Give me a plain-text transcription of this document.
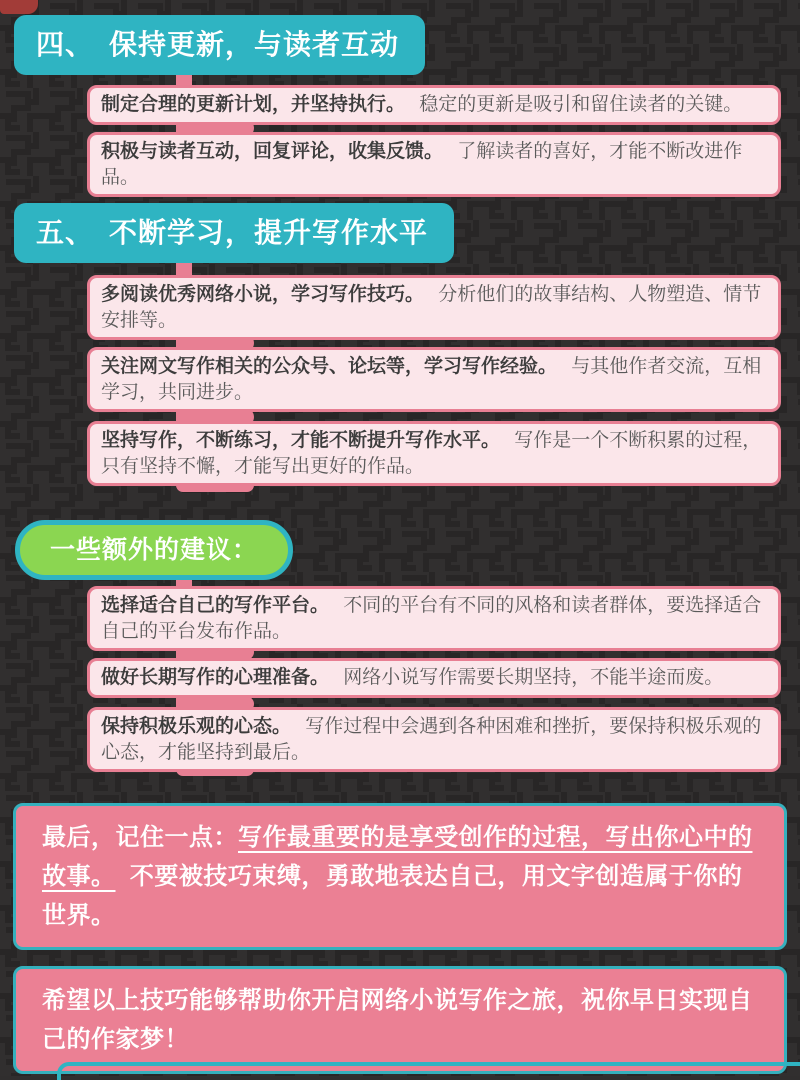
四、　保持更新，与读者互动
制定合理的更新计划，并坚持执行。 稳定的更新是吸引和留住读者的关键。
积极与读者互动，回复评论，收集反馈。 了解读者的喜好，才能不断改进作品。
五、　不断学习，提升写作水平
多阅读优秀网络小说，学习写作技巧。 分析他们的故事结构、人物塑造、情节安排等。
关注网文写作相关的公众号、论坛等，学习写作经验。 与其他作者交流，互相学习，共同进步。
坚持写作，不断练习，才能不断提升写作水平。 写作是一个不断积累的过程，只有坚持不懈，才能写出更好的作品。
一些额外的建议：
选择适合自己的写作平台。 不同的平台有不同的风格和读者群体，要选择适合自己的平台发布作品。
做好长期写作的心理准备。 网络小说写作需要长期坚持，不能半途而废。
保持积极乐观的心态。 写作过程中会遇到各种困难和挫折，要保持积极乐观的心态，才能坚持到最后。
最后，记住一点：写作最重要的是享受创作的过程，写出你心中的故事。 不要被技巧束缚，勇敢地表达自己，用文字创造属于你的世界。
希望以上技巧能够帮助你开启网络小说写作之旅，祝你早日实现自己的作家梦！
